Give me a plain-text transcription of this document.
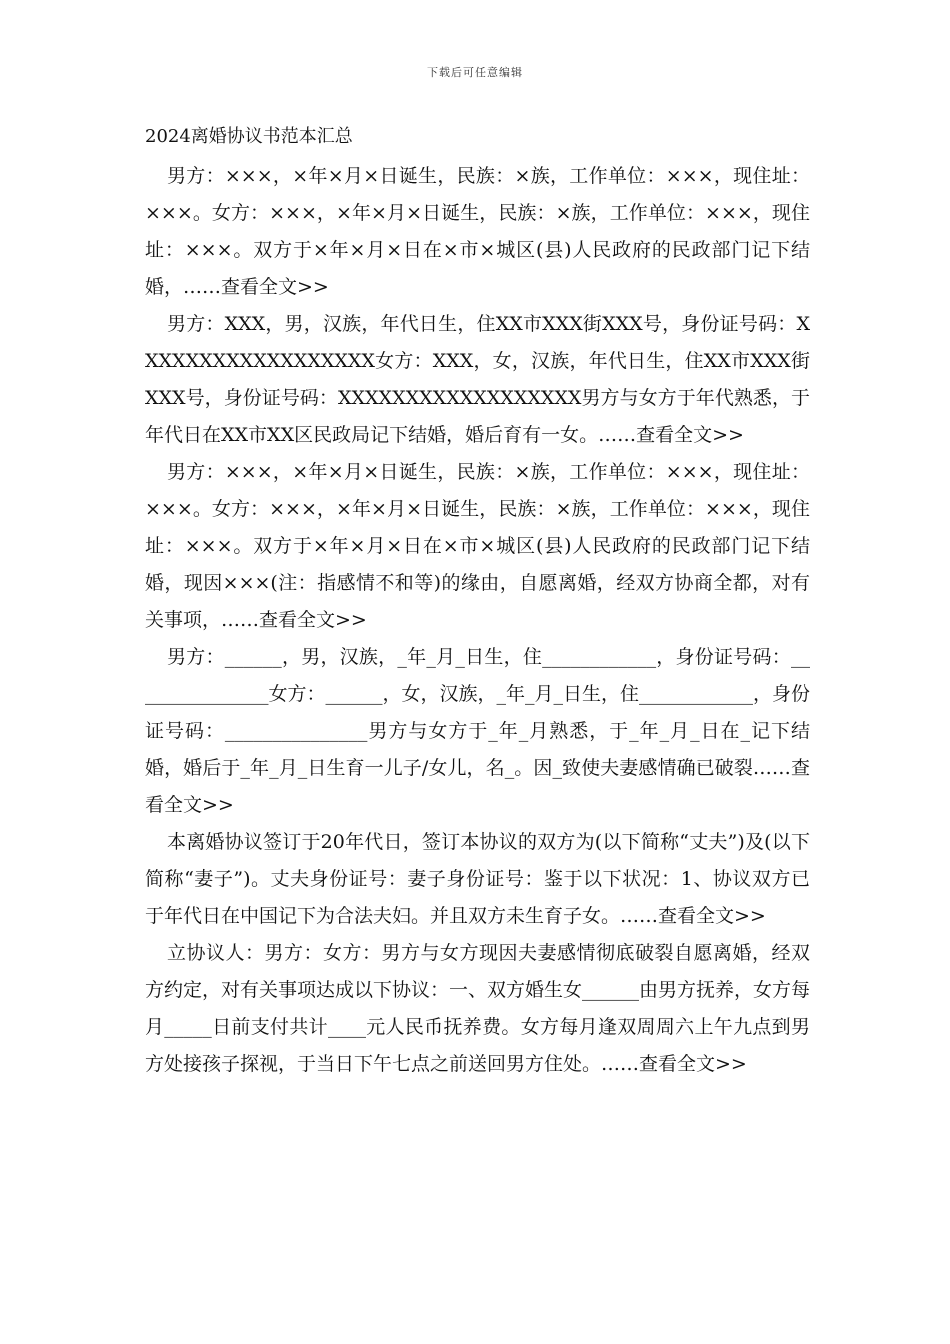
下载后可任意编辑
2024离婚协议书范本汇总

男方：×××，×年×月×日诞生，民族：×族，工作单位：×××，现住址：×××。女方：×××，×年×月×日诞生，民族：×族，工作单位：×××，现住址：×××。双方于×年×月×日在×市×城区(县)人民政府的民政部门记下结婚，……查看全文>>

男方：XXX，男，汉族，年代日生，住XX市XXX街XXX号，身份证号码：XXXXXXXXXXXXXXXXXX女方：XXX，女，汉族，年代日生，住XX市XXX街XXX号，身份证号码：XXXXXXXXXXXXXXXXXX男方与女方于年代熟悉，于年代日在XX市XX区民政局记下结婚，婚后育有一女。……查看全文>>

男方：×××，×年×月×日诞生，民族：×族，工作单位：×××，现住址：×××。女方：×××，×年×月×日诞生，民族：×族，工作单位：×××，现住址：×××。双方于×年×月×日在×市×城区(县)人民政府的民政部门记下结婚，现因×××(注：指感情不和等)的缘由，自愿离婚，经双方协商全都，对有关事项，……查看全文>>

男方：______，男，汉族，_年_月_日生，住____________，身份证号码：_______________女方：______，女，汉族，_年_月_日生，住____________，身份证号码：_______________男方与女方于_年_月熟悉，于_年_月_日在_记下结婚，婚后于_年_月_日生育一儿子/女儿，名_。因_致使夫妻感情确已破裂……查看全文>>

本离婚协议签订于20年代日，签订本协议的双方为(以下简称“丈夫”)及(以下简称“妻子”)。丈夫身份证号：妻子身份证号：鉴于以下状况：1、协议双方已于年代日在中国记下为合法夫妇。并且双方未生育子女。……查看全文>>

立协议人：男方：女方：男方与女方现因夫妻感情彻底破裂自愿离婚，经双方约定，对有关事项达成以下协议：一、双方婚生女______由男方抚养，女方每月_____日前支付共计____元人民币抚养费。女方每月逢双周周六上午九点到男方处接孩子探视，于当日下午七点之前送回男方住处。……查看全文>>
